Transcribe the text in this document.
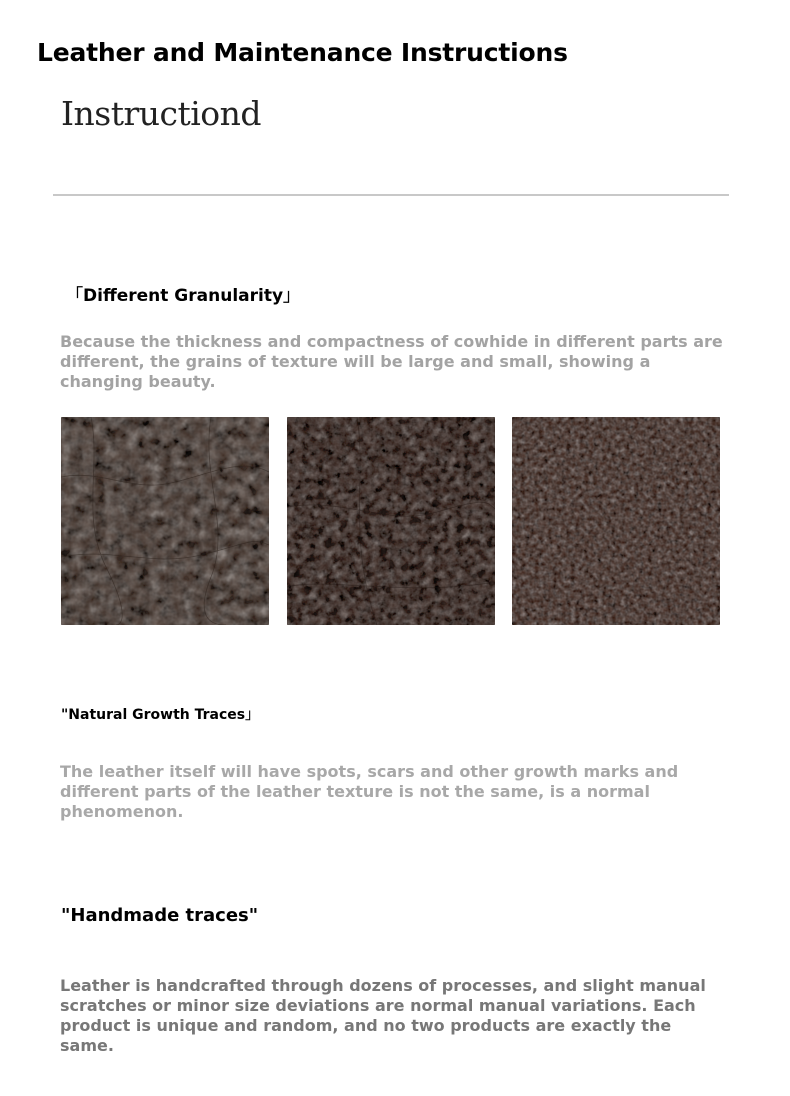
Leather and Maintenance Instructions
Instructiond
「Different Granularity」

Because the thickness and compactness of cowhide in different parts are different, the grains of texture will be large and small, showing a changing beauty.

"Natural Growth Traces」

The leather itself will have spots, scars and other growth marks and different parts of the leather texture is not the same, is a normal phenomenon.

"Handmade traces"

Leather is handcrafted through dozens of processes, and slight manual scratches or minor size deviations are normal manual variations. Each product is unique and random, and no two products are exactly the same.
